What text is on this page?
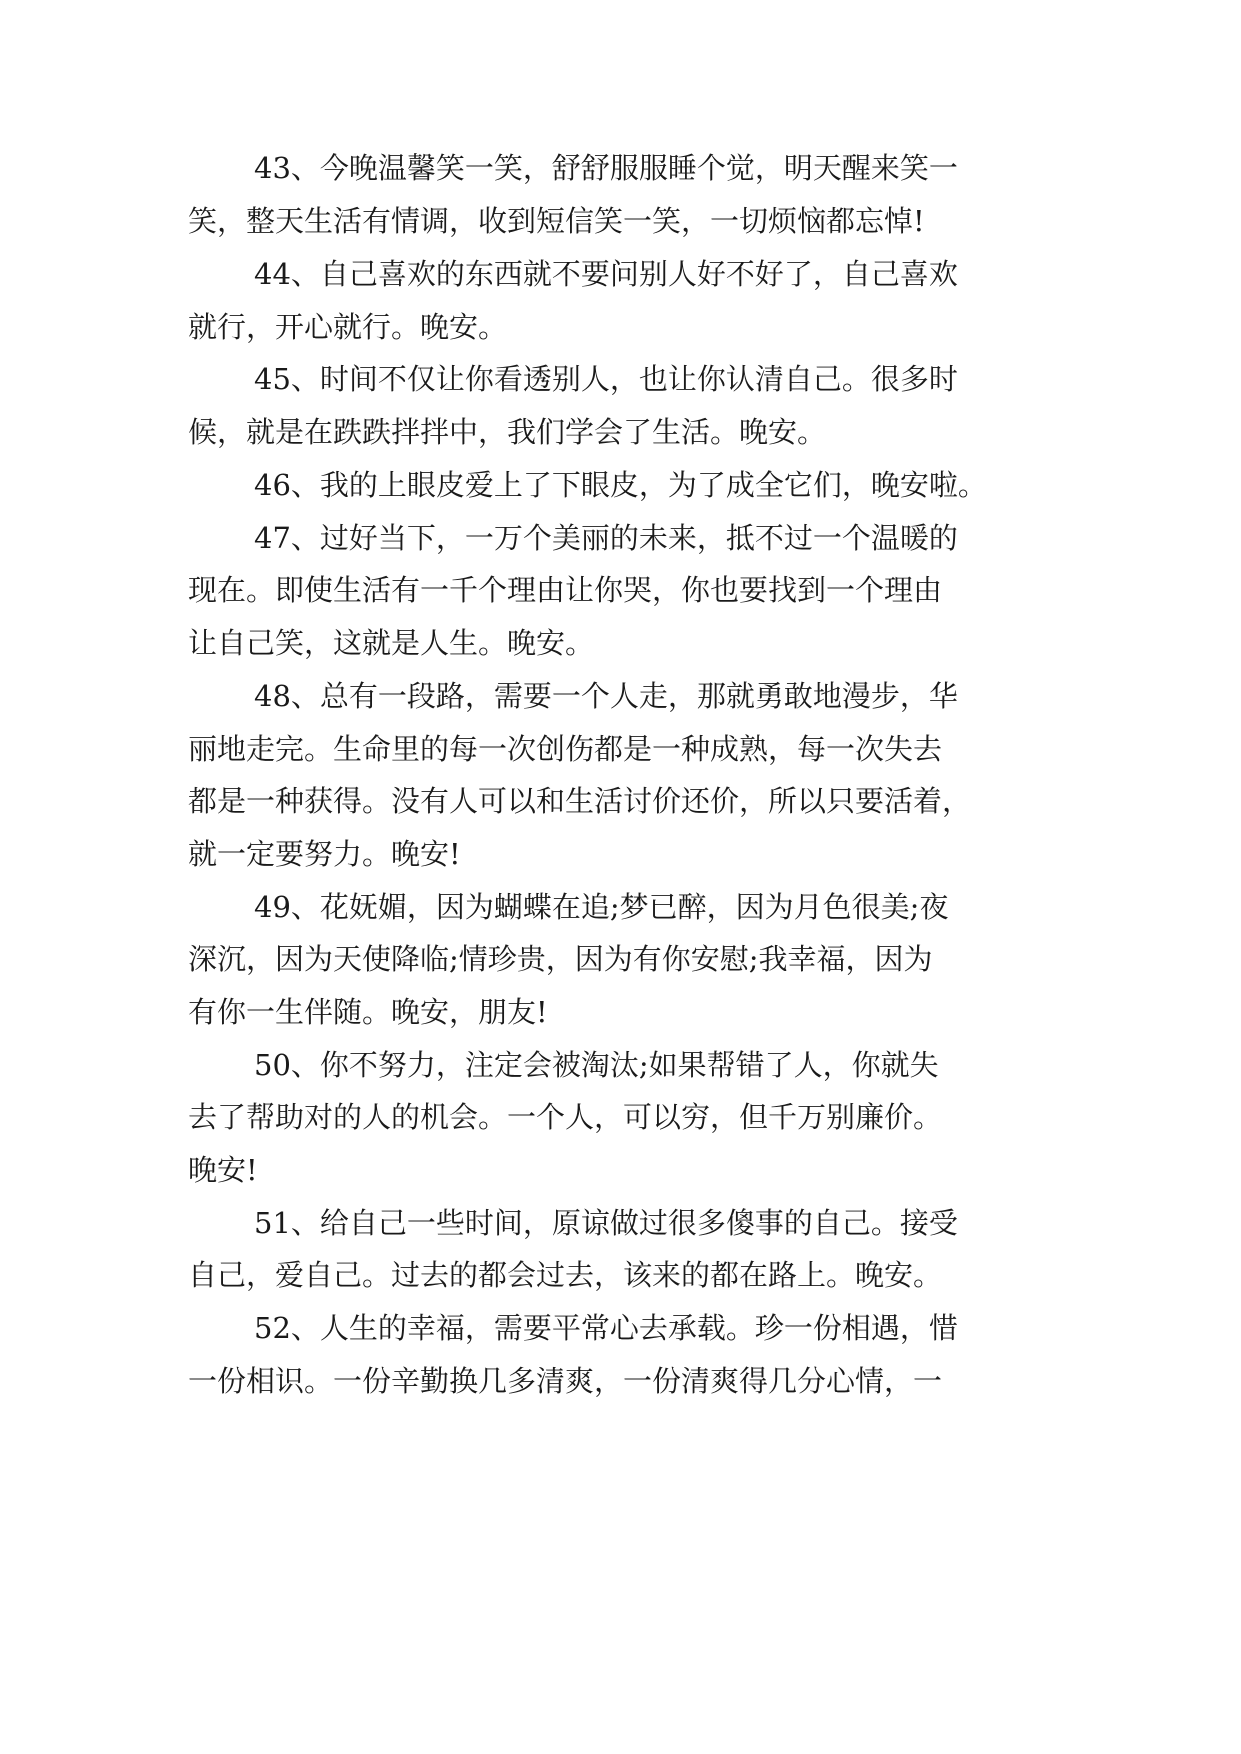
43、今晚温馨笑一笑，舒舒服服睡个觉，明天醒来笑一
笑，整天生活有情调，收到短信笑一笑，一切烦恼都忘悼!
44、自己喜欢的东西就不要问别人好不好了，自己喜欢
就行，开心就行。晚安。
45、时间不仅让你看透别人，也让你认清自己。很多时
候，就是在跌跌拌拌中，我们学会了生活。晚安。
46、我的上眼皮爱上了下眼皮，为了成全它们，晚安啦。
47、过好当下，一万个美丽的未来，抵不过一个温暖的
现在。即使生活有一千个理由让你哭，你也要找到一个理由
让自己笑，这就是人生。晚安。
48、总有一段路，需要一个人走，那就勇敢地漫步，华
丽地走完。生命里的每一次创伤都是一种成熟，每一次失去
都是一种获得。没有人可以和生活讨价还价，所以只要活着，
就一定要努力。晚安!
49、花妩媚，因为蝴蝶在追;梦已醉，因为月色很美;夜
深沉，因为天使降临;情珍贵，因为有你安慰;我幸福，因为
有你一生伴随。晚安，朋友!
50、你不努力，注定会被淘汰;如果帮错了人，你就失
去了帮助对的人的机会。一个人，可以穷，但千万别廉价。
晚安!
51、给自己一些时间，原谅做过很多傻事的自己。接受
自己，爱自己。过去的都会过去，该来的都在路上。晚安。
52、人生的幸福，需要平常心去承载。珍一份相遇，惜
一份相识。一份辛勤换几多清爽，一份清爽得几分心情，一
